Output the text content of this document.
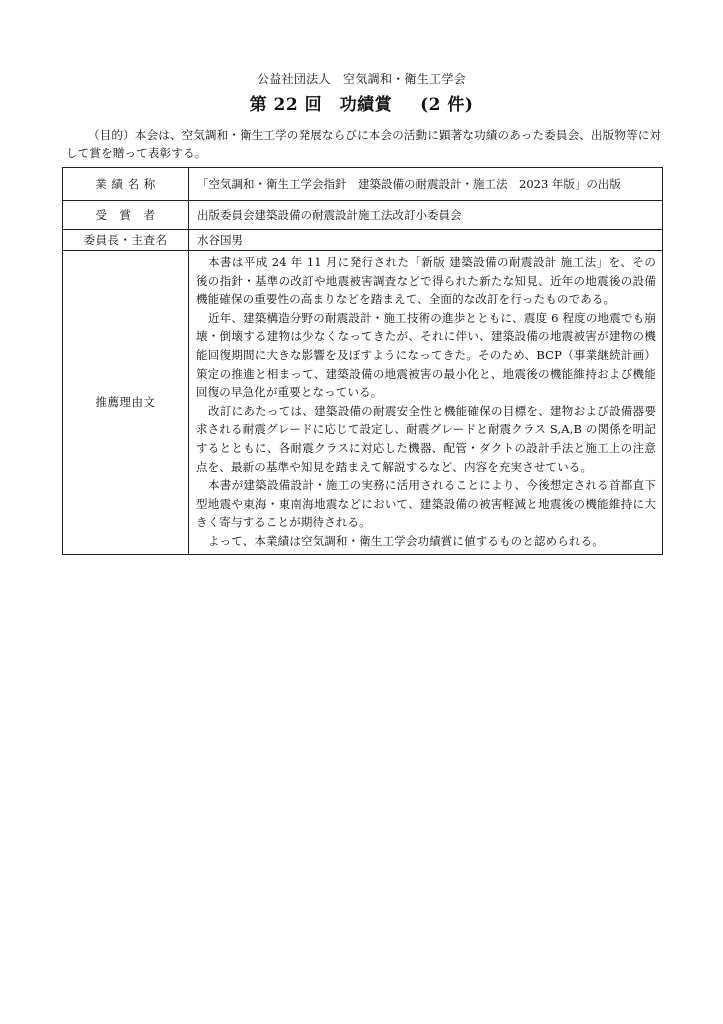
公益社団法人　空気調和・衛生工学会
第 22 回　功績賞 (2 件)
（目的）本会は、空気調和・衛生工学の発展ならびに本会の活動に顕著な功績のあった委員会、出版物等に対して賞を贈って表彰する。
業 績 名 称	「空気調和・衛生工学会指針　建築設備の耐震設計・施工法　2023 年版」の出版
受　賞　者	出版委員会建築設備の耐震設計施工法改訂小委員会
委員長・主査名	水谷国男
推薦理由文	本書は平成 24 年 11 月に発行された「新版 建築設備の耐震設計 施工法」を、その後の指針・基準の改訂や地震被害調査などで得られた新たな知見、近年の地震後の設備機能確保の重要性の高まりなどを踏まえて、全面的な改訂を行ったものである。

近年、建築構造分野の耐震設計・施工技術の進歩とともに、震度 6 程度の地震でも崩壊・倒壊する建物は少なくなってきたが、それに伴い、建築設備の地震被害が建物の機能回復期間に大きな影響を及ぼすようになってきた。そのため、BCP（事業継続計画）策定の推進と相まって、建築設備の地震被害の最小化と、地震後の機能維持および機能回復の早急化が重要となっている。

改訂にあたっては、建築設備の耐震安全性と機能確保の目標を、建物および設備器要求される耐震グレードに応じて設定し、耐震グレードと耐震クラス S,A,B の関係を明記するとともに、各耐震クラスに対応した機器、配管・ダクトの設計手法と施工上の注意点を、最新の基準や知見を踏まえて解説するなど、内容を充実させている。

本書が建築設備設計・施工の実務に活用されることにより、今後想定される首都直下型地震や東海・東南海地震などにおいて、建築設備の被害軽減と地震後の機能維持に大きく寄与することが期待される。

よって、本業績は空気調和・衛生工学会功績賞に値するものと認められる。
